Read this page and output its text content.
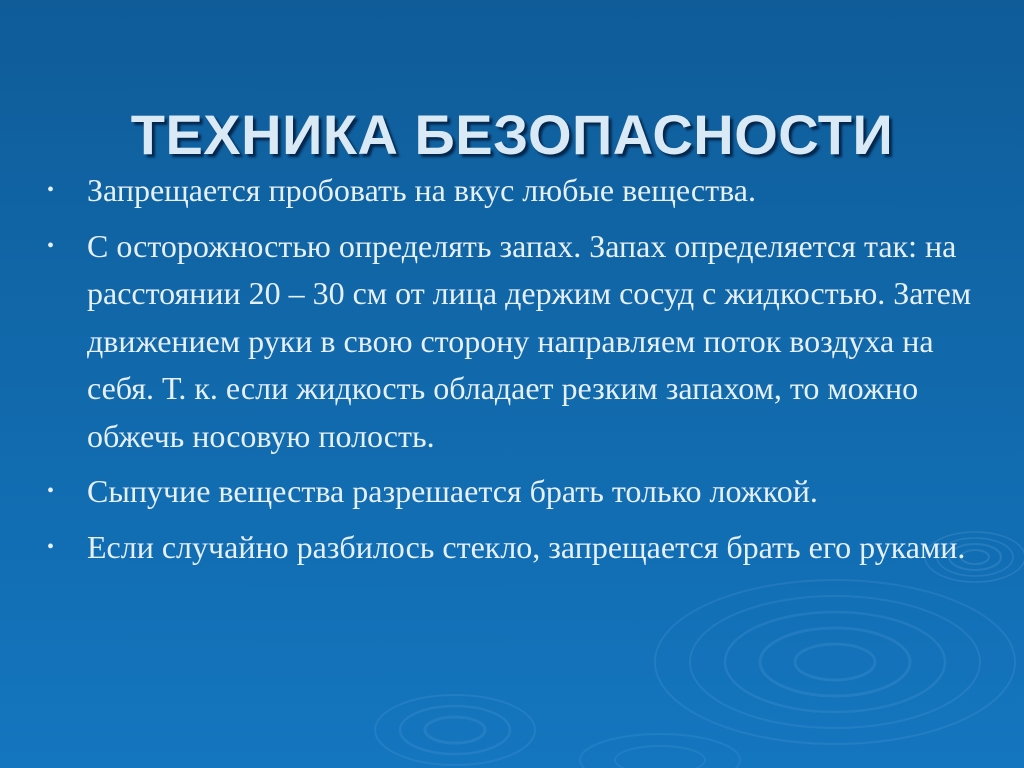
ТЕХНИКА БЕЗОПАСНОСТИ
•	Запрещается пробовать на вкус любые вещества.
•	С осторожностью определять запах. Запах определяется так: на расстоянии 20 – 30 см от лица держим сосуд с жидкостью. Затем движением руки в свою сторону направляем поток воздуха на себя. Т. к. если жидкость обладает резким запахом, то можно обжечь носовую полость.
•	Сыпучие вещества разрешается брать только ложкой.
•	Если случайно разбилось стекло, запрещается брать его руками.
